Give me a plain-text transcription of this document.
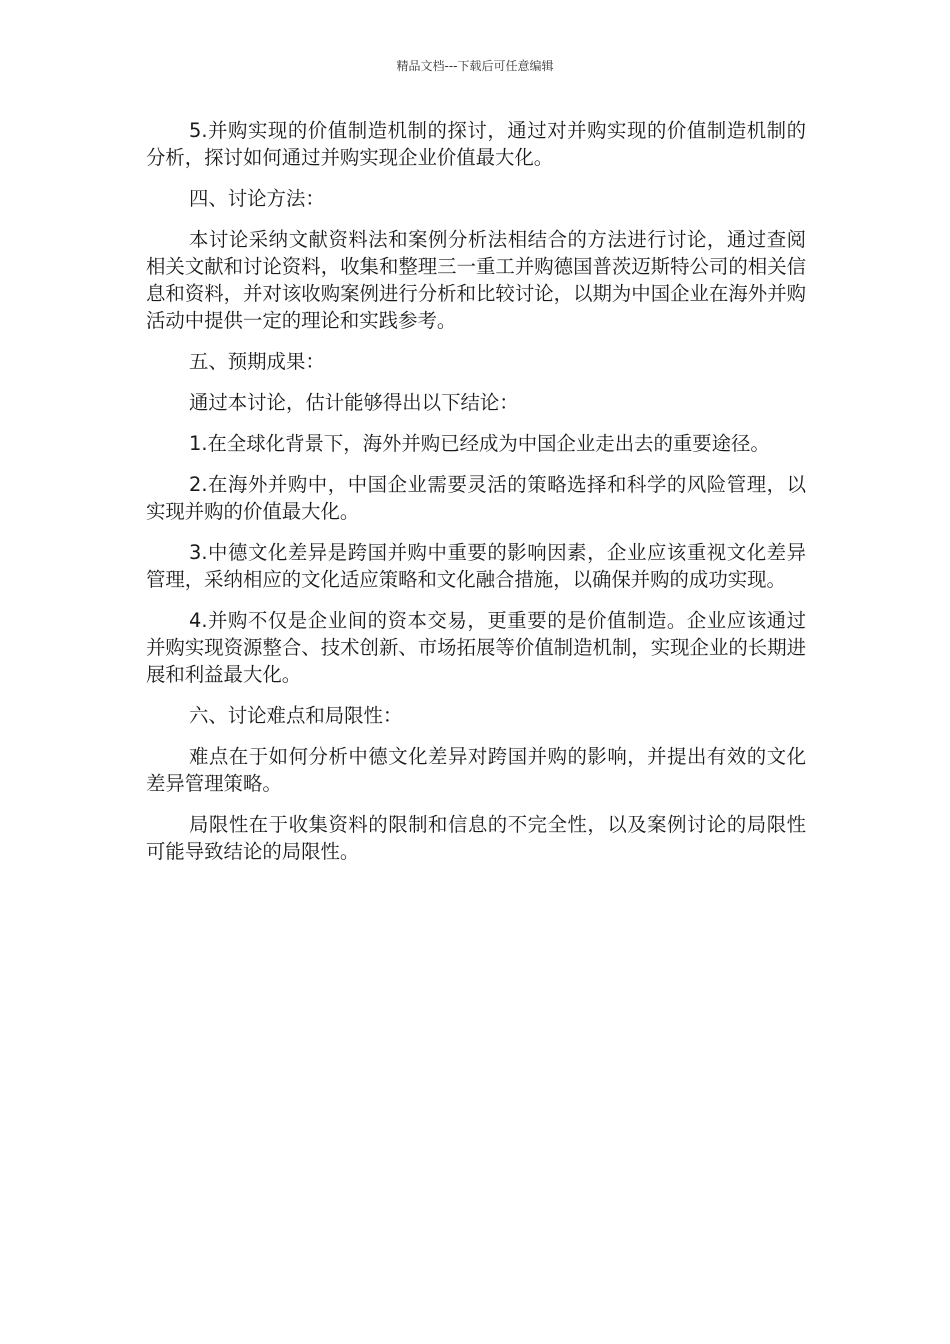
精品文档---下载后可任意编辑

5.并购实现的价值制造机制的探讨，通过对并购实现的价值制造机制的分析，探讨如何通过并购实现企业价值最大化。

四、讨论方法：

本讨论采纳文献资料法和案例分析法相结合的方法进行讨论，通过查阅相关文献和讨论资料，收集和整理三一重工并购德国普茨迈斯特公司的相关信息和资料，并对该收购案例进行分析和比较讨论，以期为中国企业在海外并购活动中提供一定的理论和实践参考。

五、预期成果：

通过本讨论，估计能够得出以下结论：

1.在全球化背景下，海外并购已经成为中国企业走出去的重要途径。

2.在海外并购中，中国企业需要灵活的策略选择和科学的风险管理，以实现并购的价值最大化。

3.中德文化差异是跨国并购中重要的影响因素，企业应该重视文化差异管理，采纳相应的文化适应策略和文化融合措施，以确保并购的成功实现。

4.并购不仅是企业间的资本交易，更重要的是价值制造。企业应该通过并购实现资源整合、技术创新、市场拓展等价值制造机制，实现企业的长期进展和利益最大化。

六、讨论难点和局限性：

难点在于如何分析中德文化差异对跨国并购的影响，并提出有效的文化差异管理策略。

局限性在于收集资料的限制和信息的不完全性，以及案例讨论的局限性可能导致结论的局限性。
